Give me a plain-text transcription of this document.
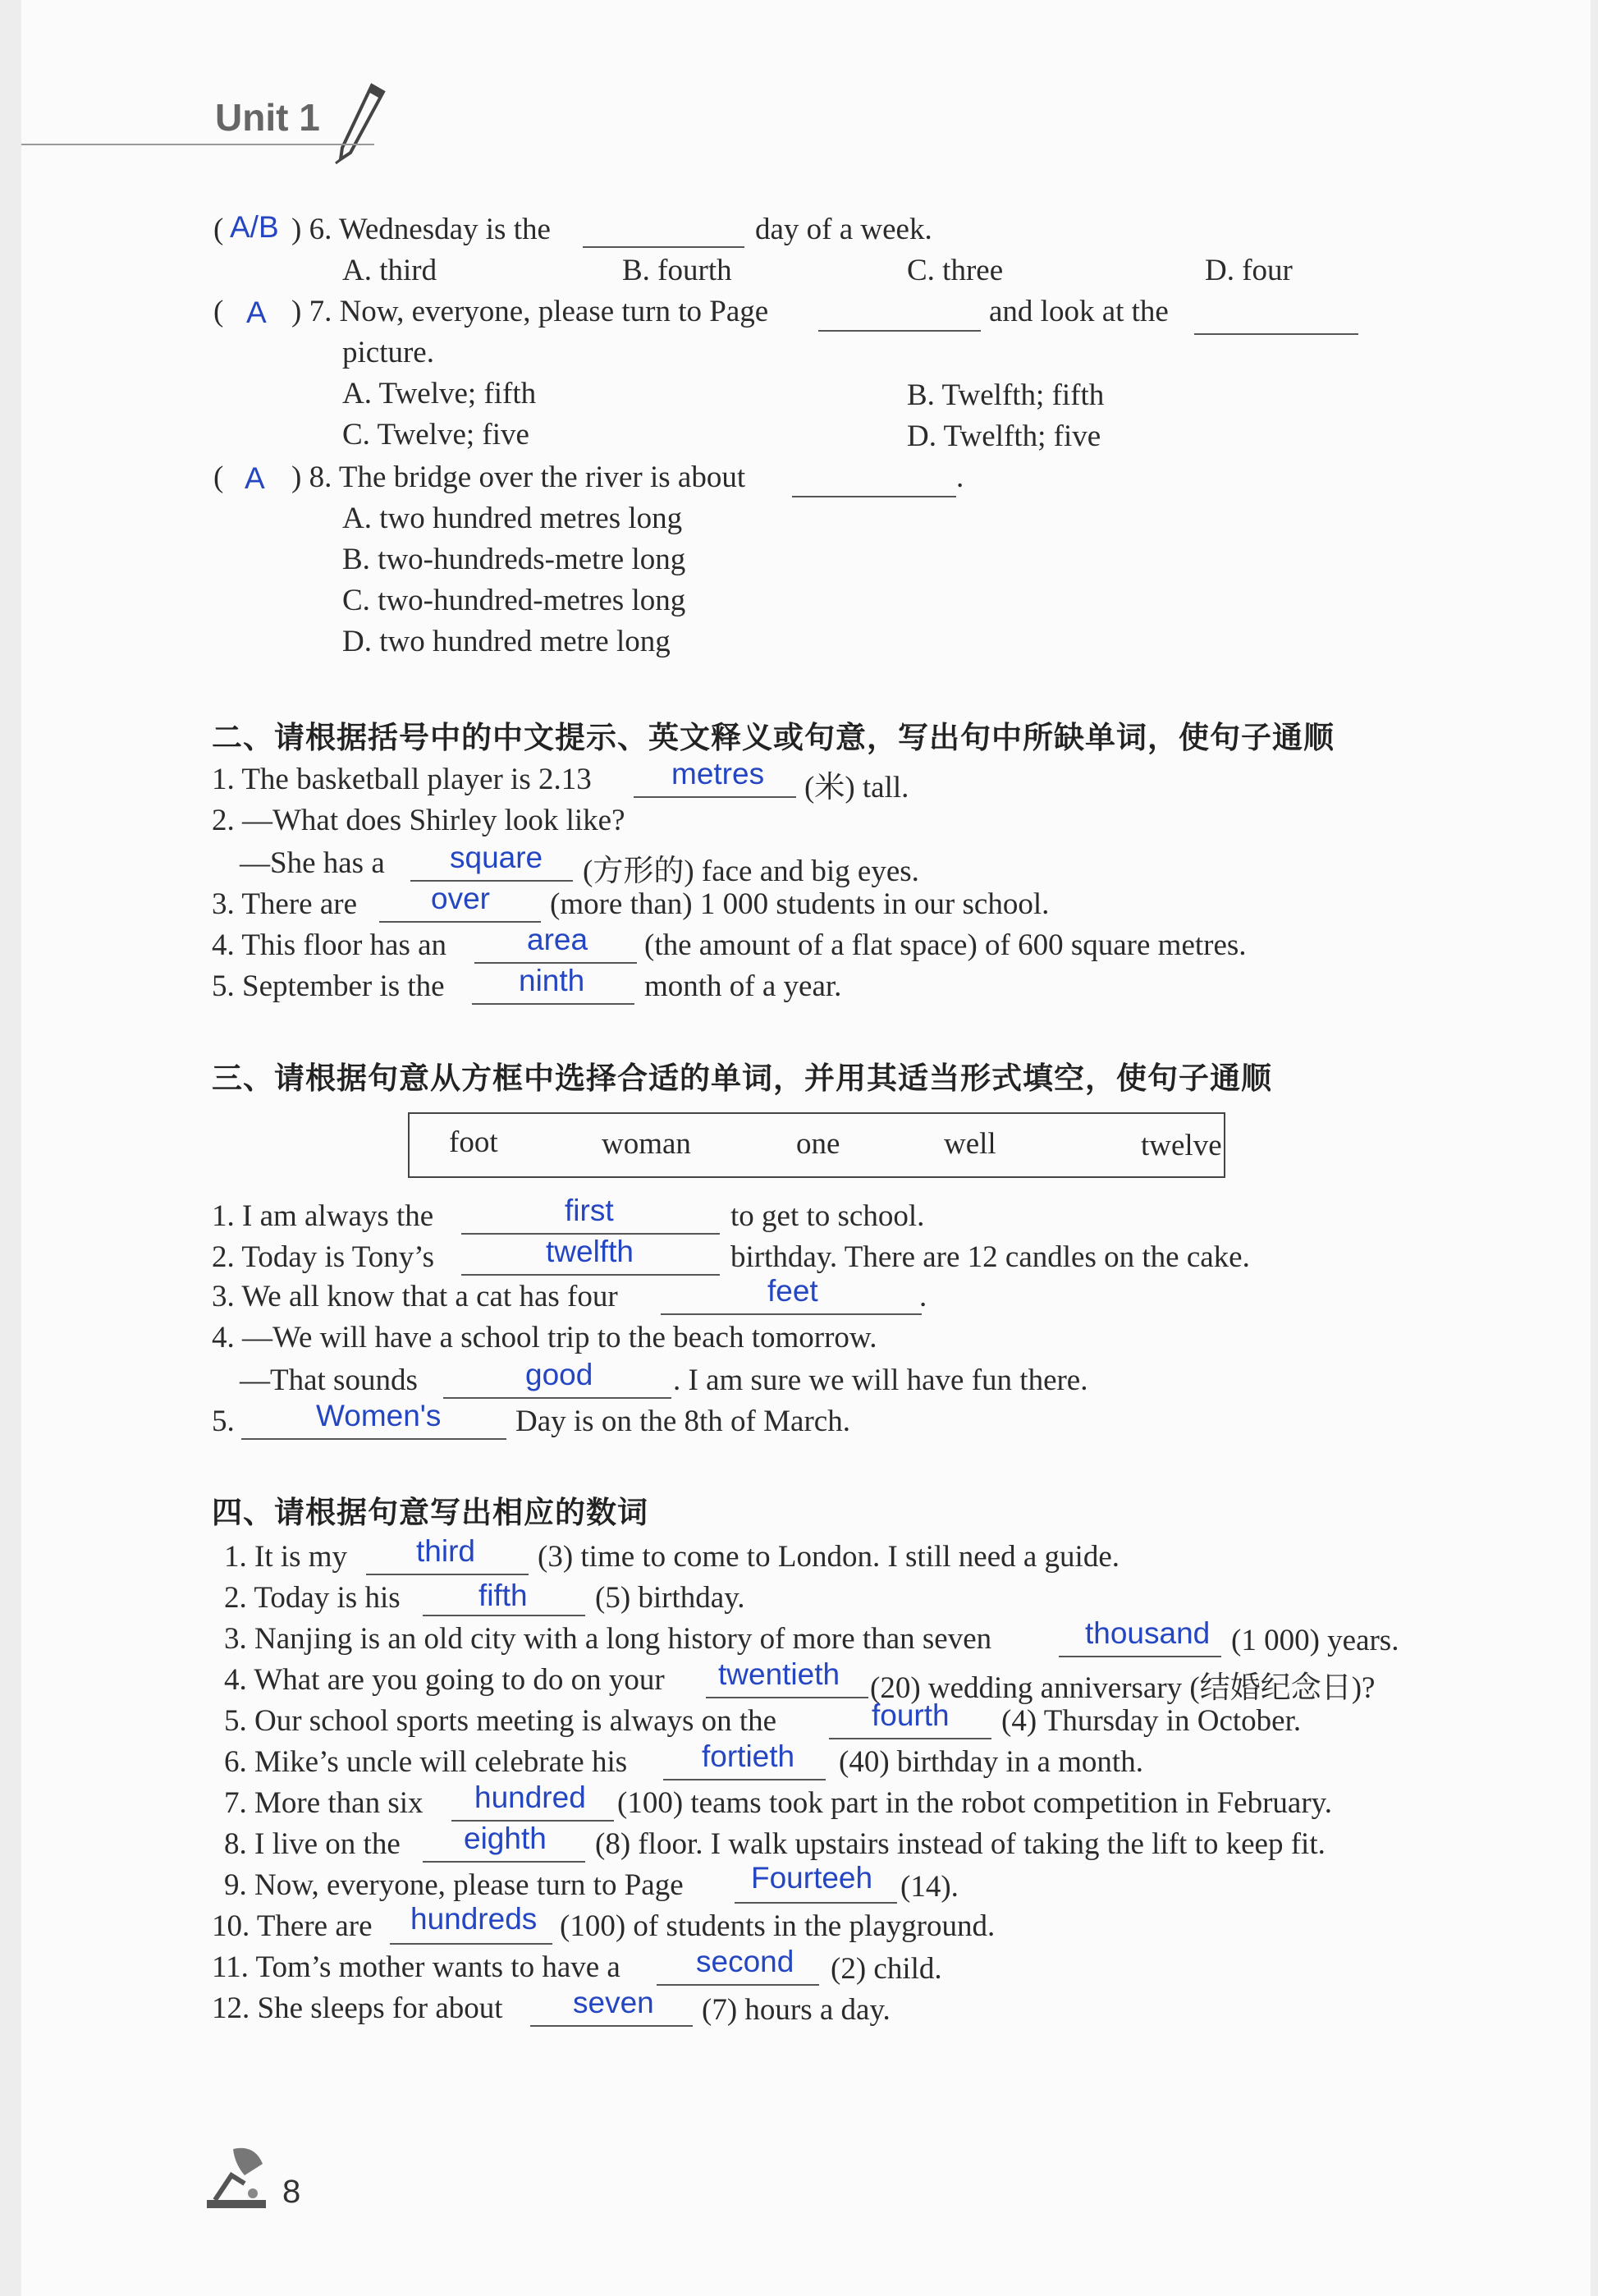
Unit 1
( A/B ) 6. Wednesday is the	day of a week.
A. third	B. fourth	C. three	D. four
( A ) 7. Now, everyone, please turn to Page	and look at the
picture.
A. Twelve; fifth	B. Twelfth; fifth
C. Twelve; five	D. Twelfth; five
( A ) 8. The bridge over the river is about	.
A. two hundred metres long
B. two-hundreds-metre long
C. two-hundred-metres long
D. two hundred metre long
二、请根据括号中的中文提示、英文释义或句意，写出句中所缺单词，使句子通顺
1. The basketball player is 2.13	metres (米) tall.
2. —What does Shirley look like?
—She has a square (方形的) face and big eyes.
3. There are over (more than) 1 000 students in our school.
4. This floor has an	area (the amount of a flat space) of 600 square metres.
5. September is the ninth month of a year.
三、请根据句意从方框中选择合适的单词，并用其适当形式填空，使句子通顺
foot	woman	one	well	twelve
1. I am always the	first	to get to school.
2. Today is Tony’s	twelfth	birthday. There are 12 candles on the cake.
3. We all know that a cat has four	feet	.
4. —We will have a school trip to the beach tomorrow.
—That sounds	good	. I am sure we will have fun there.
5.	Women's Day is on the 8th of March.
四、请根据句意写出相应的数词
1. It is my third (3) time to come to London. I still need a guide.
2. Today is his	fifth (5) birthday.
3. Nanjing is an old city with a long history of more than seven	thousand (1 000) years.
4. What are you going to do on your twentieth (20) wedding anniversary (结婚纪念日)?
5. Our school sports meeting is always on the	fourth (4) Thursday in October.
6. Mike’s uncle will celebrate his fortieth (40) birthday in a month.
7. More than six hundred (100) teams took part in the robot competition in February.
8. I live on the eighth (8) floor. I walk upstairs instead of taking the lift to keep fit.
9. Now, everyone, please turn to Page Fourteeh (14).
10. There are hundreds (100) of students in the playground.
11. Tom’s mother wants to have a second (2) child.
12. She sleeps for about seven (7) hours a day.
8
